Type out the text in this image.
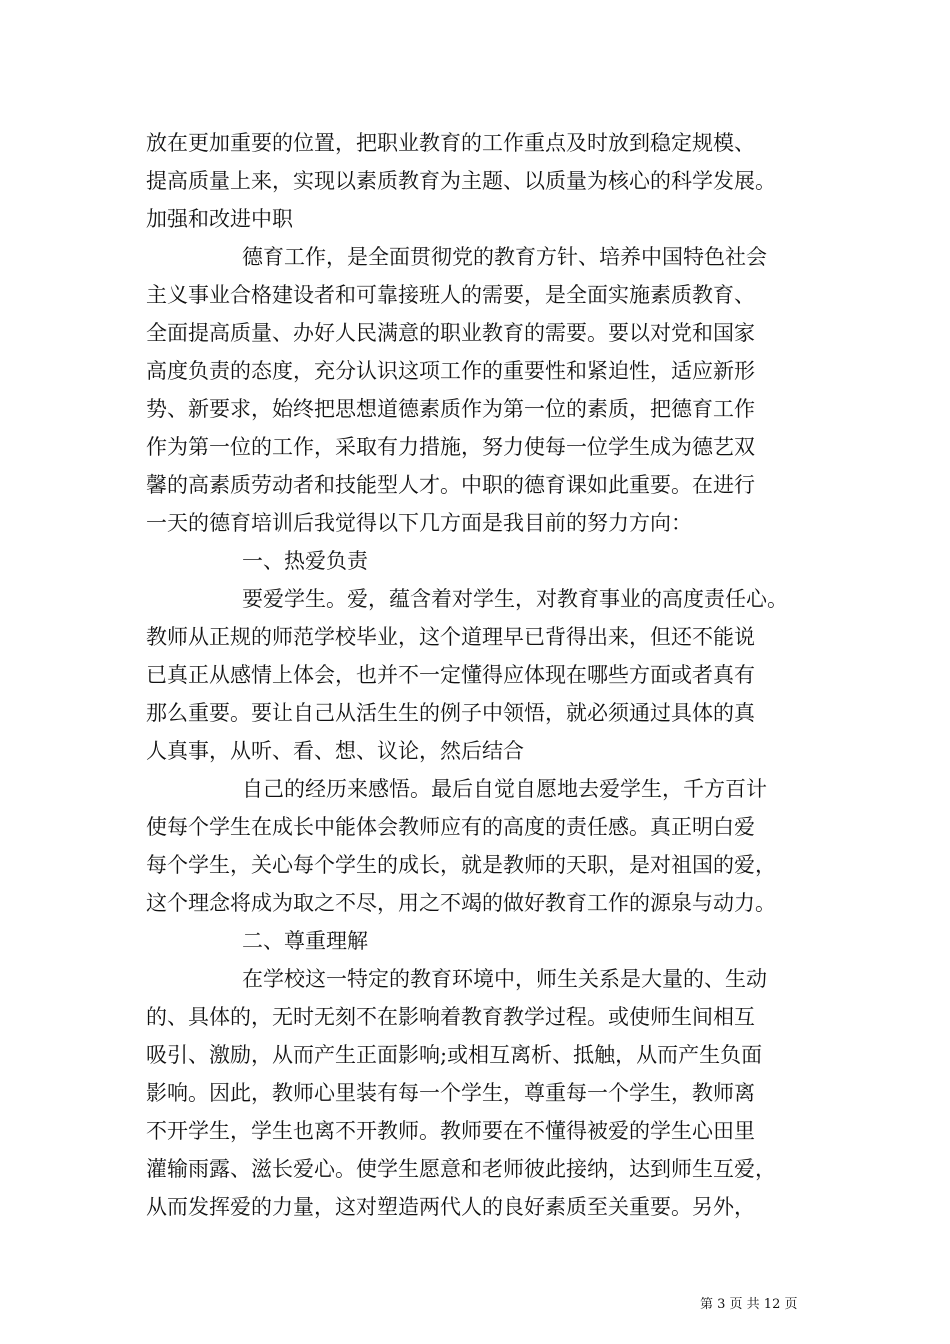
放在更加重要的位置，把职业教育的工作重点及时放到稳定规模、
提高质量上来，实现以素质教育为主题、以质量为核心的科学发展。
加强和改进中职
德育工作，是全面贯彻党的教育方针、培养中国特色社会
主义事业合格建设者和可靠接班人的需要，是全面实施素质教育、
全面提高质量、办好人民满意的职业教育的需要。要以对党和国家
高度负责的态度，充分认识这项工作的重要性和紧迫性，适应新形
势、新要求，始终把思想道德素质作为第一位的素质，把德育工作
作为第一位的工作，采取有力措施，努力使每一位学生成为德艺双
馨的高素质劳动者和技能型人才。中职的德育课如此重要。在进行
一天的德育培训后我觉得以下几方面是我目前的努力方向：
一、热爱负责
要爱学生。爱，蕴含着对学生，对教育事业的高度责任心。
教师从正规的师范学校毕业，这个道理早已背得出来，但还不能说
已真正从感情上体会，也并不一定懂得应体现在哪些方面或者真有
那么重要。要让自己从活生生的例子中领悟，就必须通过具体的真
人真事，从听、看、想、议论，然后结合
自己的经历来感悟。最后自觉自愿地去爱学生，千方百计
使每个学生在成长中能体会教师应有的高度的责任感。真正明白爱
每个学生，关心每个学生的成长，就是教师的天职，是对祖国的爱，
这个理念将成为取之不尽，用之不竭的做好教育工作的源泉与动力。
二、尊重理解
在学校这一特定的教育环境中，师生关系是大量的、生动
的、具体的，无时无刻不在影响着教育教学过程。或使师生间相互
吸引、激励，从而产生正面影响;或相互离析、抵触，从而产生负面
影响。因此，教师心里装有每一个学生，尊重每一个学生，教师离
不开学生，学生也离不开教师。教师要在不懂得被爱的学生心田里
灌输雨露、滋长爱心。使学生愿意和老师彼此接纳，达到师生互爱，
从而发挥爱的力量，这对塑造两代人的良好素质至关重要。另外，
第 3 页 共 12 页
